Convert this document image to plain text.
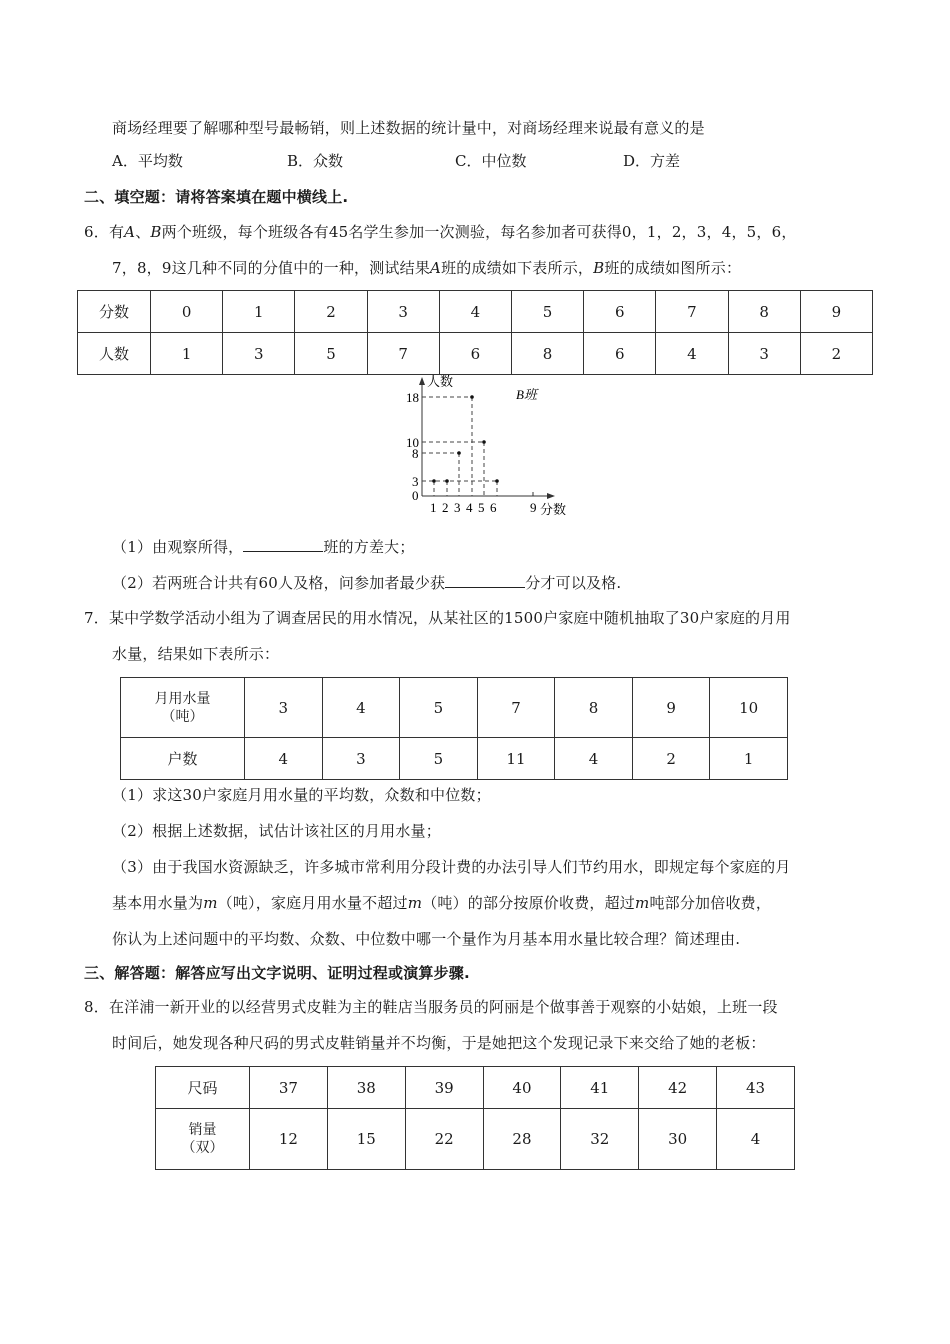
商场经理要了解哪种型号最畅销，则上述数据的统计量中，对商场经理来说最有意义的是
A．平均数	B．众数	C．中位数	D．方差
二、填空题：请将答案填在题中横线上.
6．有A、B两个班级，每个班级各有45名学生参加一次测验，每名参加者可获得0，1，2，3，4，5，6，
7，8，9这几种不同的分值中的一种，测试结果A班的成绩如下表所示，B班的成绩如图所示：
分数	0	1	2	3	4	5	6	7	8	9
人数	1	3	5	7	6	8	6	4	3	2
人数
B班
18
10
8
3
0
1 2 3 4 5 6	9 分数
（1）由观察所得，	班的方差大；
（2）若两班合计共有60人及格，问参加者最少获	分才可以及格.
7．某中学数学活动小组为了调查居民的用水情况，从某社区的1500户家庭中随机抽取了30户家庭的月用
水量，结果如下表所示：
月用水量
（吨）	3	4	5	7	8	9	10
户数	4	3	5	11	4	2	1
（1）求这30户家庭月用水量的平均数，众数和中位数；
（2）根据上述数据，试估计该社区的月用水量；
（3）由于我国水资源缺乏，许多城市常利用分段计费的办法引导人们节约用水，即规定每个家庭的月
基本用水量为m（吨），家庭月用水量不超过m（吨）的部分按原价收费，超过m吨部分加倍收费，
你认为上述问题中的平均数、众数、中位数中哪一个量作为月基本用水量比较合理？简述理由.
三、解答题：解答应写出文字说明、证明过程或演算步骤.
8．在洋浦一新开业的以经营男式皮鞋为主的鞋店当服务员的阿丽是个做事善于观察的小姑娘，上班一段
时间后，她发现各种尺码的男式皮鞋销量并不均衡，于是她把这个发现记录下来交给了她的老板：
尺码	37	38	39	40	41	42	43

销量
（双）	12	15	22	28	32	30	4
